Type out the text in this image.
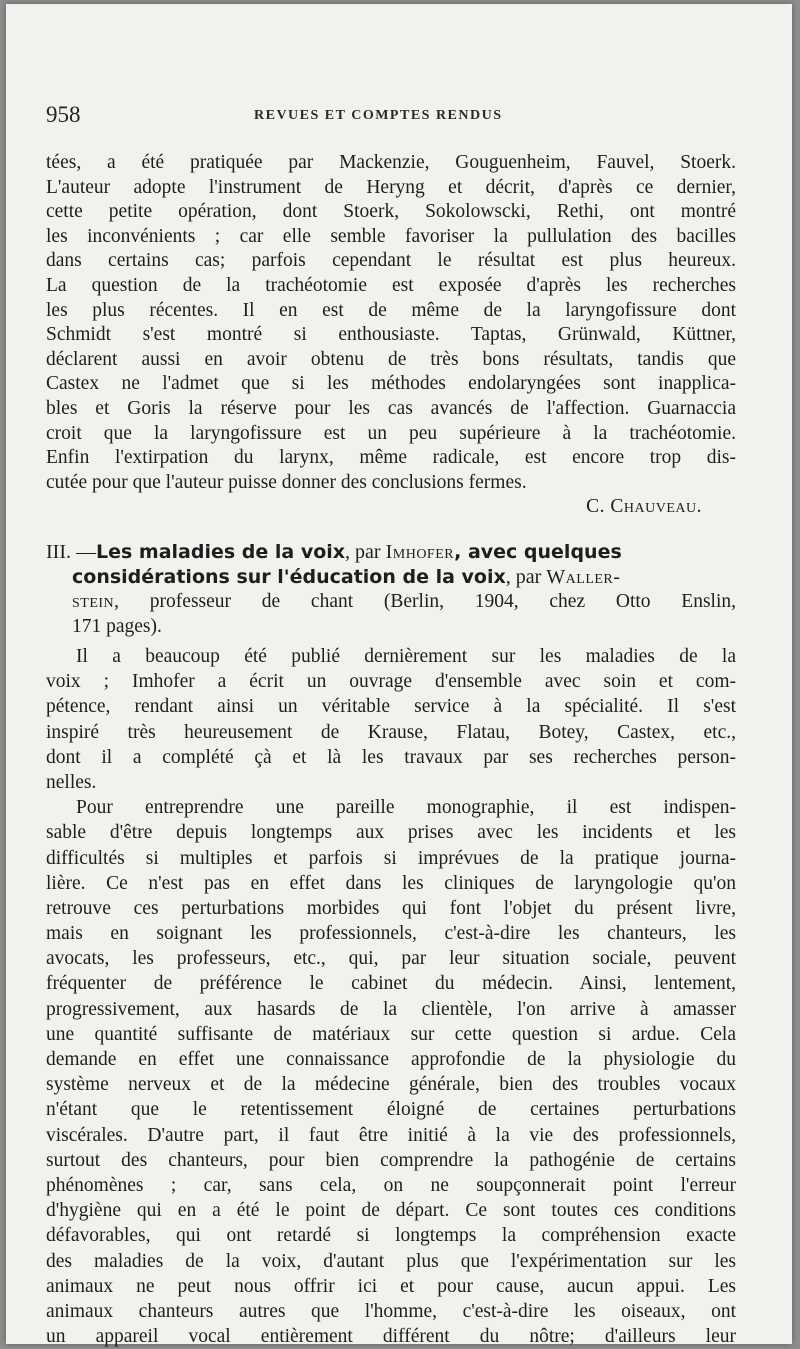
958	REVUES ET COMPTES RENDUS
tées, a été pratiquée par Mackenzie, Gouguenheim, Fauvel, Stoerk.
L'auteur adopte l'instrument de Heryng et décrit, d'après ce dernier,
cette petite opération, dont Stoerk, Sokolowscki, Rethi, ont montré
les inconvénients ; car elle semble favoriser la pullulation des bacilles
dans certains cas; parfois cependant le résultat est plus heureux.
La question de la trachéotomie est exposée d'après les recherches
les plus récentes. Il en est de même de la laryngofissure dont
Schmidt s'est montré si enthousiaste. Taptas, Grünwald, Küttner,
déclarent aussi en avoir obtenu de très bons résultats, tandis que
Castex ne l'admet que si les méthodes endolaryngées sont inapplica-
bles et Goris la réserve pour les cas avancés de l'affection. Guarnaccia
croit que la laryngofissure est un peu supérieure à la trachéotomie.
Enfin l'extirpation du larynx, même radicale, est encore trop dis-
cutée pour que l'auteur puisse donner des conclusions fermes.
C. Chauveau.
III. —Les maladies de la voix, par Imhofer, avec quelques
considérations sur l'éducation de la voix, par Waller-
stein, professeur de chant (Berlin, 1904, chez Otto Enslin,
171 pages).
Il a beaucoup été publié dernièrement sur les maladies de la
voix ; Imhofer a écrit un ouvrage d'ensemble avec soin et com-
pétence, rendant ainsi un véritable service à la spécialité. Il s'est
inspiré très heureusement de Krause, Flatau, Botey, Castex, etc.,
dont il a complété çà et là les travaux par ses recherches person-
nelles.
Pour entreprendre une pareille monographie, il est indispen-
sable d'être depuis longtemps aux prises avec les incidents et les
difficultés si multiples et parfois si imprévues de la pratique journa-
lière. Ce n'est pas en effet dans les cliniques de laryngologie qu'on
retrouve ces perturbations morbides qui font l'objet du présent livre,
mais en soignant les professionnels, c'est-à-dire les chanteurs, les
avocats, les professeurs, etc., qui, par leur situation sociale, peuvent
fréquenter de préférence le cabinet du médecin. Ainsi, lentement,
progressivement, aux hasards de la clientèle, l'on arrive à amasser
une quantité suffisante de matériaux sur cette question si ardue. Cela
demande en effet une connaissance approfondie de la physiologie du
système nerveux et de la médecine générale, bien des troubles vocaux
n'étant que le retentissement éloigné de certaines perturbations
viscérales. D'autre part, il faut être initié à la vie des professionnels,
surtout des chanteurs, pour bien comprendre la pathogénie de certains
phénomènes ; car, sans cela, on ne soupçonnerait point l'erreur
d'hygiène qui en a été le point de départ. Ce sont toutes ces conditions
défavorables, qui ont retardé si longtemps la compréhension exacte
des maladies de la voix, d'autant plus que l'expérimentation sur les
animaux ne peut nous offrir ici et pour cause, aucun appui. Les
animaux chanteurs autres que l'homme, c'est-à-dire les oiseaux, ont
un appareil vocal entièrement différent du nôtre; d'ailleurs leur
